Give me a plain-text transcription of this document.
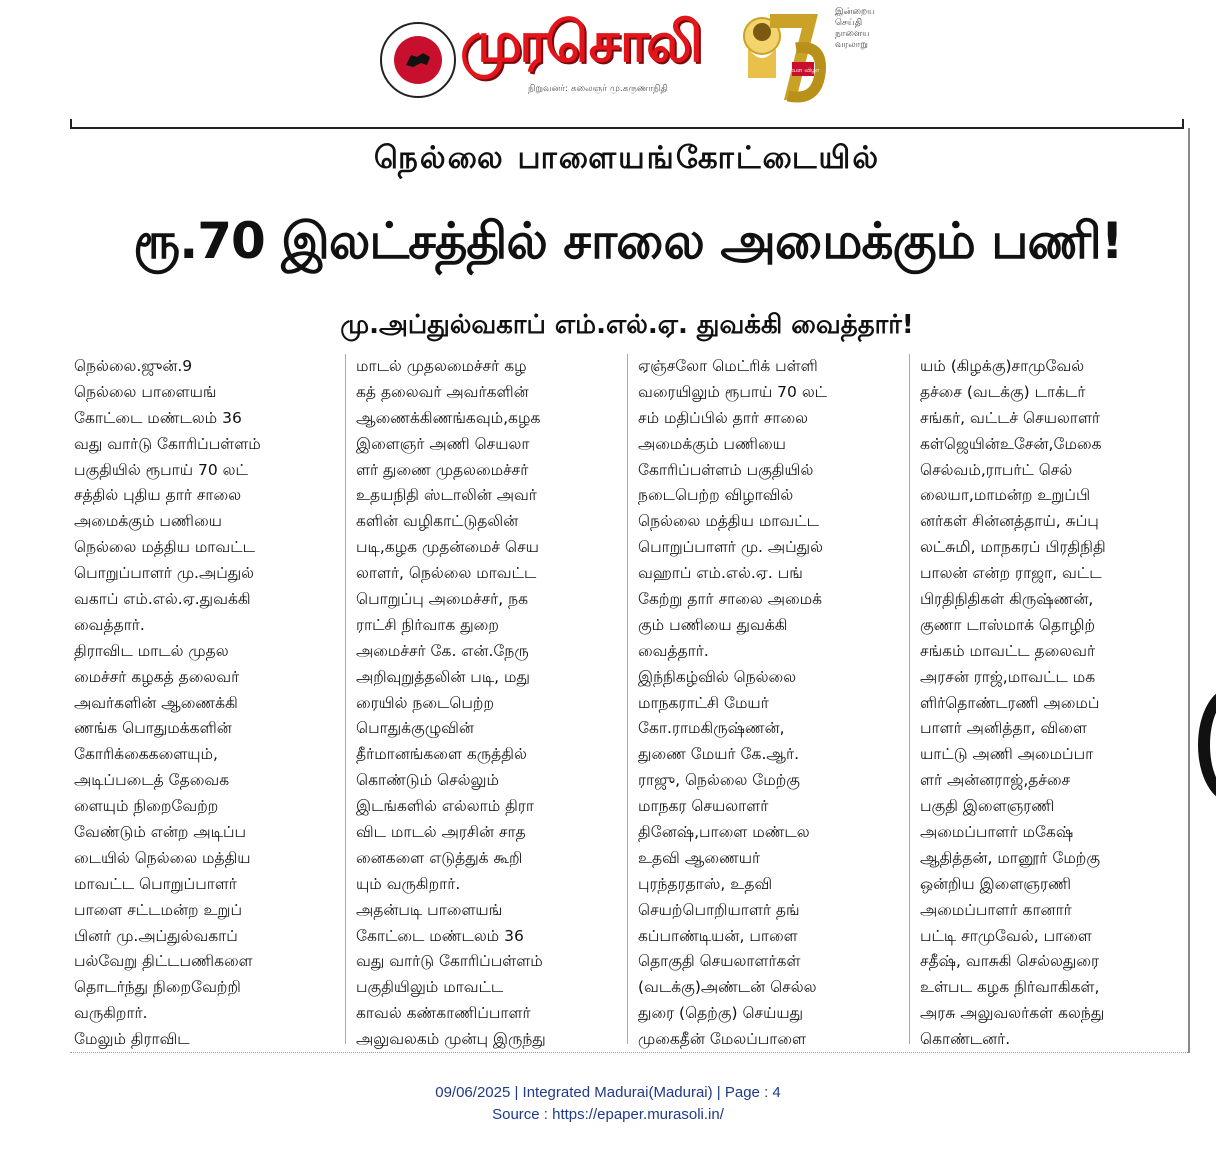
இன்றைய செய்தி நாளைய வரலாறு
முரசொலி
நிறுவனர்: கலைஞர் மு.கருணாநிதி
பவள விழா
நெல்லை பாளையங்கோட்டையில்
ரூ.70 இலட்சத்தில் சாலை அமைக்கும் பணி!
மு.அப்துல்வகாப் எம்.எல்.ஏ. துவக்கி வைத்தார்!
நெல்லை.ஜுன்.9
நெல்லை பாளையங்
கோட்டை மண்டலம் 36
வது வார்டு கோரிப்பள்ளம்
பகுதியில் ரூபாய் 70 லட்
சத்தில் புதிய தார் சாலை
அமைக்கும் பணியை
நெல்லை மத்திய மாவட்ட
பொறுப்பாளர் மு.அப்துல்
வகாப் எம்.எல்.ஏ.துவக்கி
வைத்தார்.
திராவிட மாடல் முதல
மைச்சர் கழகத் தலைவர்
அவர்களின் ஆணைக்கி
ணங்க பொதுமக்களின்
கோரிக்கைகளையும்,
அடிப்படைத் தேவைக
ளையும் நிறைவேற்ற
வேண்டும் என்ற அடிப்ப
டையில் நெல்லை மத்திய
மாவட்ட பொறுப்பாளர்
பாளை சட்டமன்ற உறுப்
பினர் மு.அப்துல்வகாப்
பல்வேறு திட்டபணிகளை
தொடர்ந்து நிறைவேற்றி
வருகிறார்.
மேலும் திராவிட
மாடல் முதலமைச்சர் கழ
கத் தலைவர் அவர்களின்
ஆணைக்கிணங்கவும்,கழக
இளைஞர் அணி செயலா
ளர் துணை முதலமைச்சர்
உதயநிதி ஸ்டாலின் அவர்
களின் வழிகாட்டுதலின்
படி,கழக முதன்மைச் செய
லாளர், நெல்லை மாவட்ட
பொறுப்பு அமைச்சர், நக
ராட்சி நிர்வாக துறை
அமைச்சர் கே. என்.நேரு
அறிவுறுத்தலின் படி, மது
ரையில் நடைபெற்ற
பொதுக்குழுவின்
தீர்மானங்களை கருத்தில்
கொண்டும் செல்லும்
இடங்களில் எல்லாம் திரா
விட மாடல் அரசின் சாத
னைகளை எடுத்துக் கூறி
யும் வருகிறார்.
அதன்படி பாளையங்
கோட்டை மண்டலம் 36
வது வார்டு கோரிப்பள்ளம்
பகுதியிலும் மாவட்ட
காவல் கண்காணிப்பாளர்
அலுவலகம் முன்பு இருந்து
ஏஞ்சலோ மெட்ரிக் பள்ளி
வரையிலும் ரூபாய் 70 லட்
சம் மதிப்பில் தார் சாலை
அமைக்கும் பணியை
கோரிப்பள்ளம் பகுதியில்
நடைபெற்ற விழாவில்
நெல்லை மத்திய மாவட்ட
பொறுப்பாளர் மு. அப்துல்
வஹாப் எம்.எல்.ஏ. பங்
கேற்று தார் சாலை அமைக்
கும் பணியை துவக்கி
வைத்தார்.
இந்நிகழ்வில் நெல்லை
மாநகராட்சி மேயர்
கோ.ராமகிருஷ்ணன்,
துணை மேயர் கே.ஆர்.
ராஜு, நெல்லை மேற்கு
மாநகர செயலாளர்
தினேஷ்,பாளை மண்டல
உதவி ஆணையர்
புரந்தரதாஸ், உதவி
செயற்பொறியாளர் தங்
கப்பாண்டியன், பாளை
தொகுதி செயலாளர்கள்
(வடக்கு)அண்டன் செல்ல
துரை (தெற்கு) செய்யது
முகைதீன் மேலப்பாளை
யம் (கிழக்கு)சாமுவேல்
தச்சை (வடக்கு) டாக்டர்
சங்கர், வட்டச் செயலாளர்
கள்ஜெயின்உசேன்,மேகை
செல்வம்,ராபர்ட் செல்
லையா,மாமன்ற உறுப்பி
னர்கள் சின்னத்தாய், சுப்பு
லட்சுமி, மாநகரப் பிரதிநிதி
பாலன் என்ற ராஜா, வட்ட
பிரதிநிதிகள் கிருஷ்ணன்,
குணா டாஸ்மாக் தொழிற்
சங்கம் மாவட்ட தலைவர்
அரசன் ராஜ்,மாவட்ட மக
ளிர்தொண்டரணி அமைப்
பாளர் அனித்தா, விளை
யாட்டு அணி அமைப்பா
ளர் அன்னராஜ்,தச்சை
பகுதி இளைஞரணி
அமைப்பாளர் மகேஷ்
ஆதித்தன், மானூர் மேற்கு
ஒன்றிய இளைஞரணி
அமைப்பாளர் கானார்
பட்டி சாமுவேல், பாளை
சதீஷ், வாசுகி செல்லதுரை
உள்பட கழக நிர்வாகிகள்,
அரசு அலுவலர்கள் கலந்து
கொண்டனர்.
09/06/2025 | Integrated Madurai(Madurai) | Page : 4
Source : https://epaper.murasoli.in/
